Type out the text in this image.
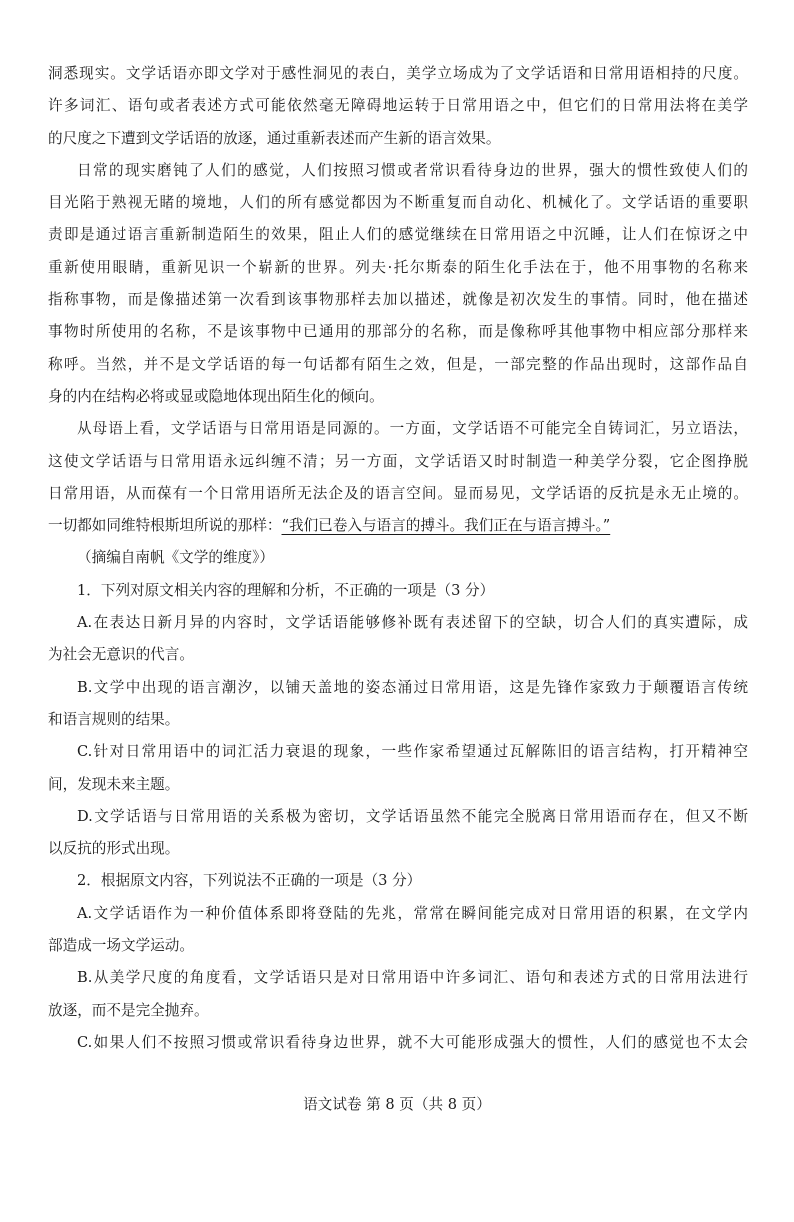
洞悉现实。文学话语亦即文学对于感性洞见的表白，美学立场成为了文学话语和日常用语相持的尺度。
许多词汇、语句或者表述方式可能依然毫无障碍地运转于日常用语之中，但它们的日常用法将在美学
的尺度之下遭到文学话语的放逐，通过重新表述而产生新的语言效果。
日常的现实磨钝了人们的感觉，人们按照习惯或者常识看待身边的世界，强大的惯性致使人们的
目光陷于熟视无睹的境地，人们的所有感觉都因为不断重复而自动化、机械化了。文学话语的重要职
责即是通过语言重新制造陌生的效果，阻止人们的感觉继续在日常用语之中沉睡，让人们在惊讶之中
重新使用眼睛，重新见识一个崭新的世界。列夫·托尔斯泰的陌生化手法在于，他不用事物的名称来
指称事物，而是像描述第一次看到该事物那样去加以描述，就像是初次发生的事情。同时，他在描述
事物时所使用的名称，不是该事物中已通用的那部分的名称，而是像称呼其他事物中相应部分那样来
称呼。当然，并不是文学话语的每一句话都有陌生之效，但是，一部完整的作品出现时，这部作品自
身的内在结构必将或显或隐地体现出陌生化的倾向。
从母语上看，文学话语与日常用语是同源的。一方面，文学话语不可能完全自铸词汇，另立语法，
这使文学话语与日常用语永远纠缠不清；另一方面，文学话语又时时制造一种美学分裂，它企图挣脱
日常用语，从而葆有一个日常用语所无法企及的语言空间。显而易见，文学话语的反抗是永无止境的。
一切都如同维特根斯坦所说的那样：“我们已卷入与语言的搏斗。我们正在与语言搏斗。”
（摘编自南帆《文学的维度》）
1．下列对原文相关内容的理解和分析，不正确的一项是（3 分）
A.在表达日新月异的内容时，文学话语能够修补既有表述留下的空缺，切合人们的真实遭际，成
为社会无意识的代言。
B.文学中出现的语言潮汐，以铺天盖地的姿态涌过日常用语，这是先锋作家致力于颠覆语言传统
和语言规则的结果。
C.针对日常用语中的词汇活力衰退的现象，一些作家希望通过瓦解陈旧的语言结构，打开精神空
间，发现未来主题。
D.文学话语与日常用语的关系极为密切，文学话语虽然不能完全脱离日常用语而存在，但又不断
以反抗的形式出现。
2．根据原文内容，下列说法不正确的一项是（3 分）
A.文学话语作为一种价值体系即将登陆的先兆，常常在瞬间能完成对日常用语的积累，在文学内
部造成一场文学运动。
B.从美学尺度的角度看，文学话语只是对日常用语中许多词汇、语句和表述方式的日常用法进行
放逐，而不是完全抛弃。
C.如果人们不按照习惯或常识看待身边世界，就不大可能形成强大的惯性，人们的感觉也不太会
语文试卷 第 8 页（共 8 页）
